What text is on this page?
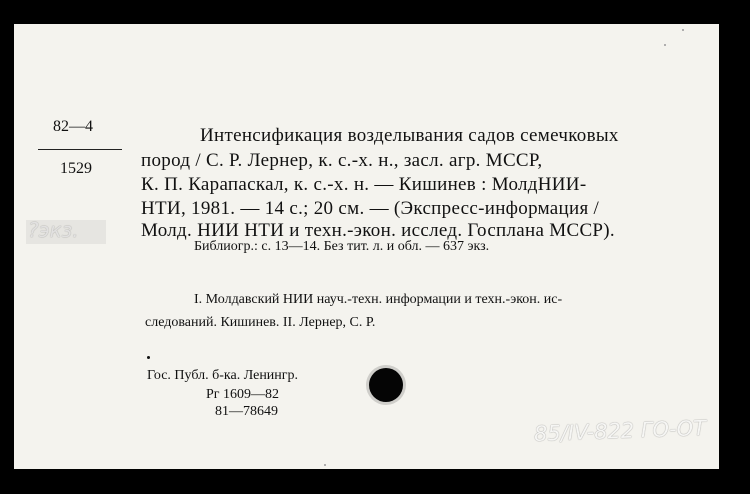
82—4
1529
?экз.
Интенсификация возделывания садов семечковых
пород / С. Р. Лернер, к. с.-х. н., засл. агр. МССР,
К. П. Карапаскал, к. с.-х. н. — Кишинев : МолдНИИ-
НТИ, 1981. — 14 с.; 20 см. — (Экспресс-информация /
Молд. НИИ НТИ и техн.-экон. исслед. Госплана МССР).
Библиогр.: с. 13—14. Без тит. л. и обл. — 637 экз.
I. Молдавский НИИ науч.-техн. информации и техн.-экон. ис-
следований. Кишинев. II. Лернер, С. Р.
Гос. Публ. б-ка. Ленингр.
Рг 1609—82
81—78649
85/IV-822 ГО-ОТ
